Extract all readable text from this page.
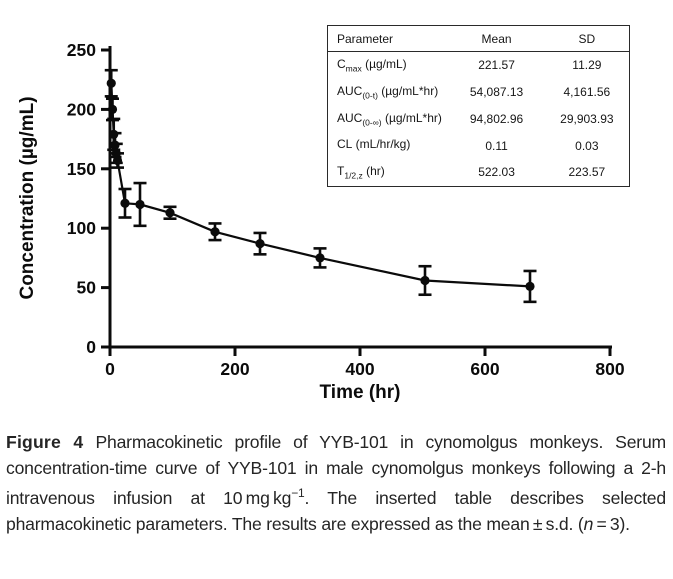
0	200	400	600	800
0
50
100
150
200
250
Concentration (µg/mL)
Time (hr)
Parameter	Mean	SD
$C_{max}$ (µg/mL)	221.57	11.29
$AUC_{(0-t)}$ (µg/mL*hr)	54,087.13	4,161.56
$AUC_{(0-\infty)}$ (µg/mL*hr)	94,802.96	29,903.93
CL (mL/hr/kg)	0.11	0.03
$T_{1/2,z}$ (hr)	522.03	223.57

Figure 4 Pharmacokinetic profile of YYB-101 in cynomolgus monkeys. Serum concentration-time curve of YYB-101 in male cynomolgus monkeys following a 2-h intravenous infusion at 10 mg $kg^{-1}$. The inserted table describes selected pharmacokinetic parameters. The results are expressed as the mean ± s.d. (n = 3).
